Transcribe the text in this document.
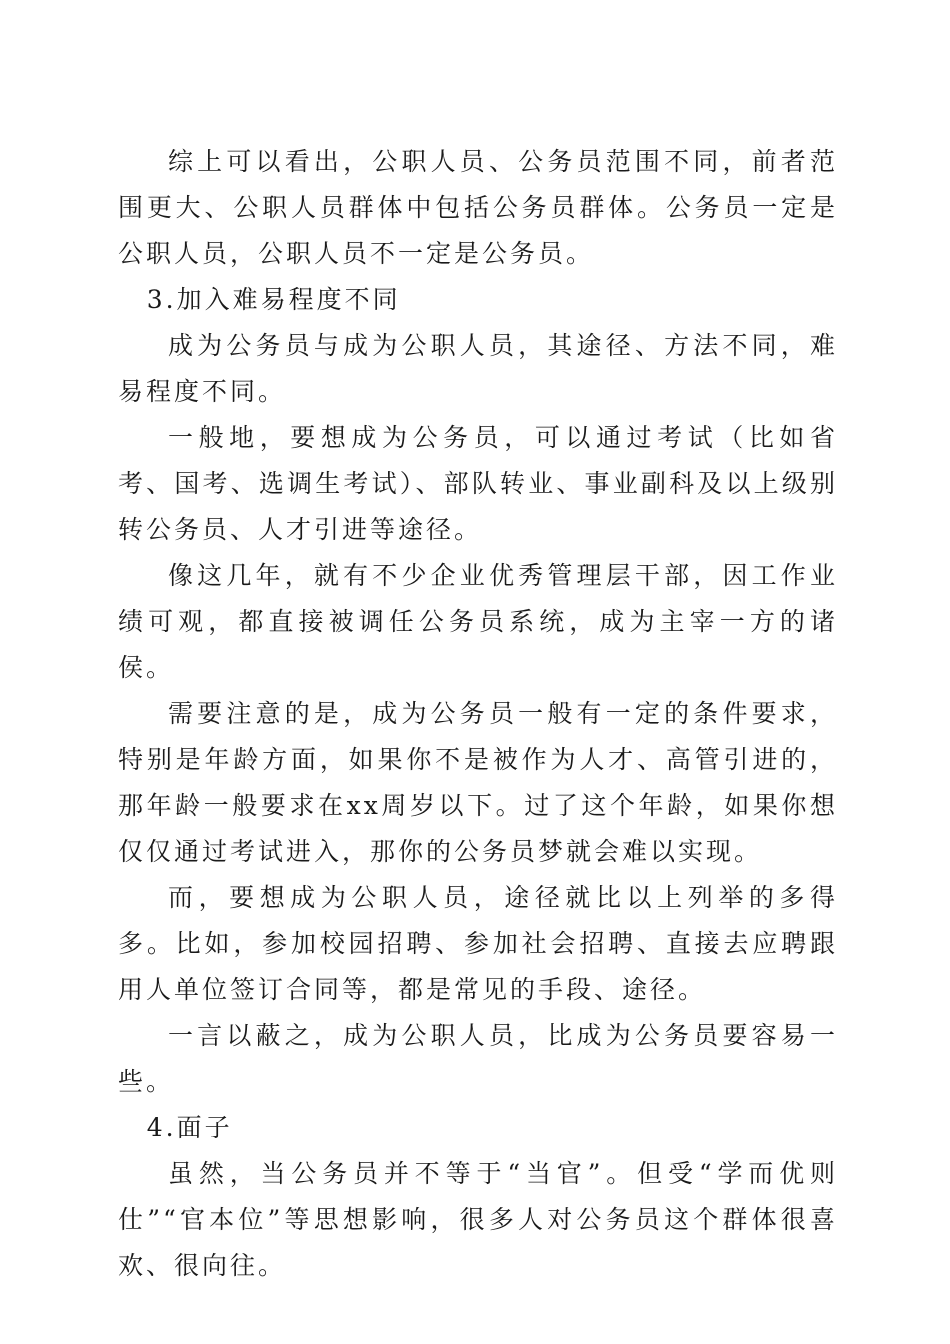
综上可以看出，公职人员、公务员范围不同，前者范围更大、公职人员群体中包括公务员群体。公务员一定是公职人员，公职人员不一定是公务员。

3.加入难易程度不同

成为公务员与成为公职人员，其途径、方法不同，难易程度不同。

一般地，要想成为公务员，可以通过考试（比如省考、国考、选调生考试）、部队转业、事业副科及以上级别转公务员、人才引进等途径。

像这几年，就有不少企业优秀管理层干部，因工作业绩可观，都直接被调任公务员系统，成为主宰一方的诸侯。

需要注意的是，成为公务员一般有一定的条件要求，特别是年龄方面，如果你不是被作为人才、高管引进的，那年龄一般要求在xx周岁以下。过了这个年龄，如果你想仅仅通过考试进入，那你的公务员梦就会难以实现。

而，要想成为公职人员，途径就比以上列举的多得多。比如，参加校园招聘、参加社会招聘、直接去应聘跟用人单位签订合同等，都是常见的手段、途径。

一言以蔽之，成为公职人员，比成为公务员要容易一些。

4.面子

虽然，当公务员并不等于“当官”。但受“学而优则仕”“官本位”等思想影响，很多人对公务员这个群体很喜欢、很向往。
